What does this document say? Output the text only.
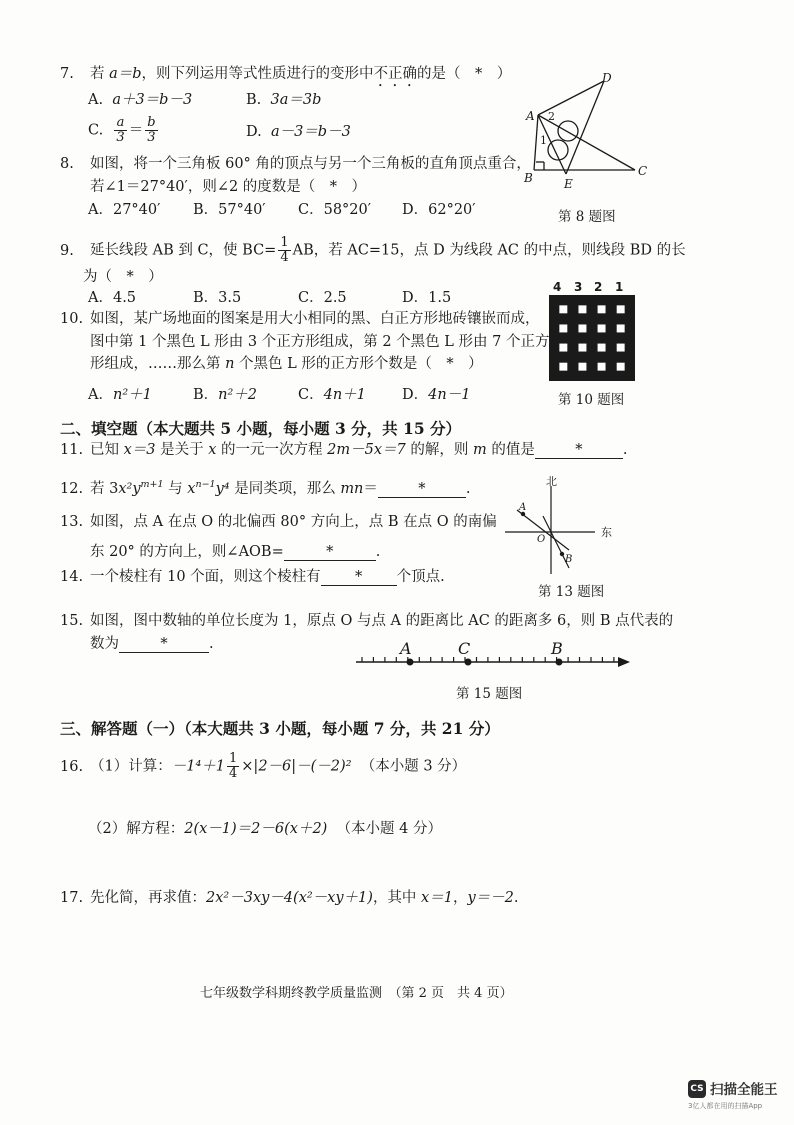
7. 若 a＝b，则下列运用等式性质进行的变形中不正确的是（　*　）
A. a＋3＝b－3	B. 3a＝3b
C. $\frac{a}{3} = \frac{b}{3}$	D. a－3＝b－3
A
D
B	C
E
2
1
第 8 题图
8. 如图，将一个三角板 60° 角的顶点与另一个三角板的直角顶点重合，
若∠1＝27°40′，则∠2 的度数是（　*　）
A．27°40′ B．57°40′ C．58°20′ D．62°20′
9. 延长线段 AB 到 C，使 $BC= \frac{1}{4}$ AB，若 AC=15，点 D 为线段 AC 的中点，则线段 BD 的长
为（　*　）
A．4.5	B．3.5	C．2.5	D．1.5
4 3 2 1
第 10 题图
10. 如图，某广场地面的图案是用大小相同的黑、白正方形地砖镶嵌而成，
图中第 1 个黑色 L 形由 3 个正方形组成，第 2 个黑色 L 形由 7 个正方
形组成，……那么第 n 个黑色 L 形的正方形个数是（　*　）
A．n²＋1	B．n²＋2	C．4n＋1 D．4n－1
二、填空题（本大题共 5 小题，每小题 3 分，共 15 分）
11. 已知 x＝3 是关于 x 的一元一次方程 2m－5x＝7 的解，则 m 的值是	*	.
12. 若 $3x^2y^{m+1}$ 与 $x^{n-1}y^4$ 是同类项，那么 mn＝	*	.
13. 如图，点 A 在点 O 的北偏西 80° 方向上，点 B 在点 O 的南偏
东 20° 的方向上，则∠AOB=	*	.
北
东
O
A
B
第 13 题图
14. 一个棱柱有 10 个面，则这个棱柱有 * 个顶点.
15. 如图，图中数轴的单位长度为 1，原点 O 与点 A 的距离比 AC 的距离多 6，则 B 点代表的
数为	*	.	A	C	B
第 15 题图
三、解答题（一）（本大题共 3 小题，每小题 7 分，共 21 分）
16. （1）计算：$-1^4+1 \frac{1}{4} \times|2-6|-(-2)^2$ （本小题 3 分）
（2）解方程：2(x－1)＝2－6(x＋2) （本小题 4 分）
17. 先化简，再求值：2x²－3xy－4(x²－xy＋1)，其中 x＝1，y＝－2.
七年级数学科期终教学质量监测　（第 2 页　共 4 页）
CS 扫描全能王
3亿人都在用的扫描App
